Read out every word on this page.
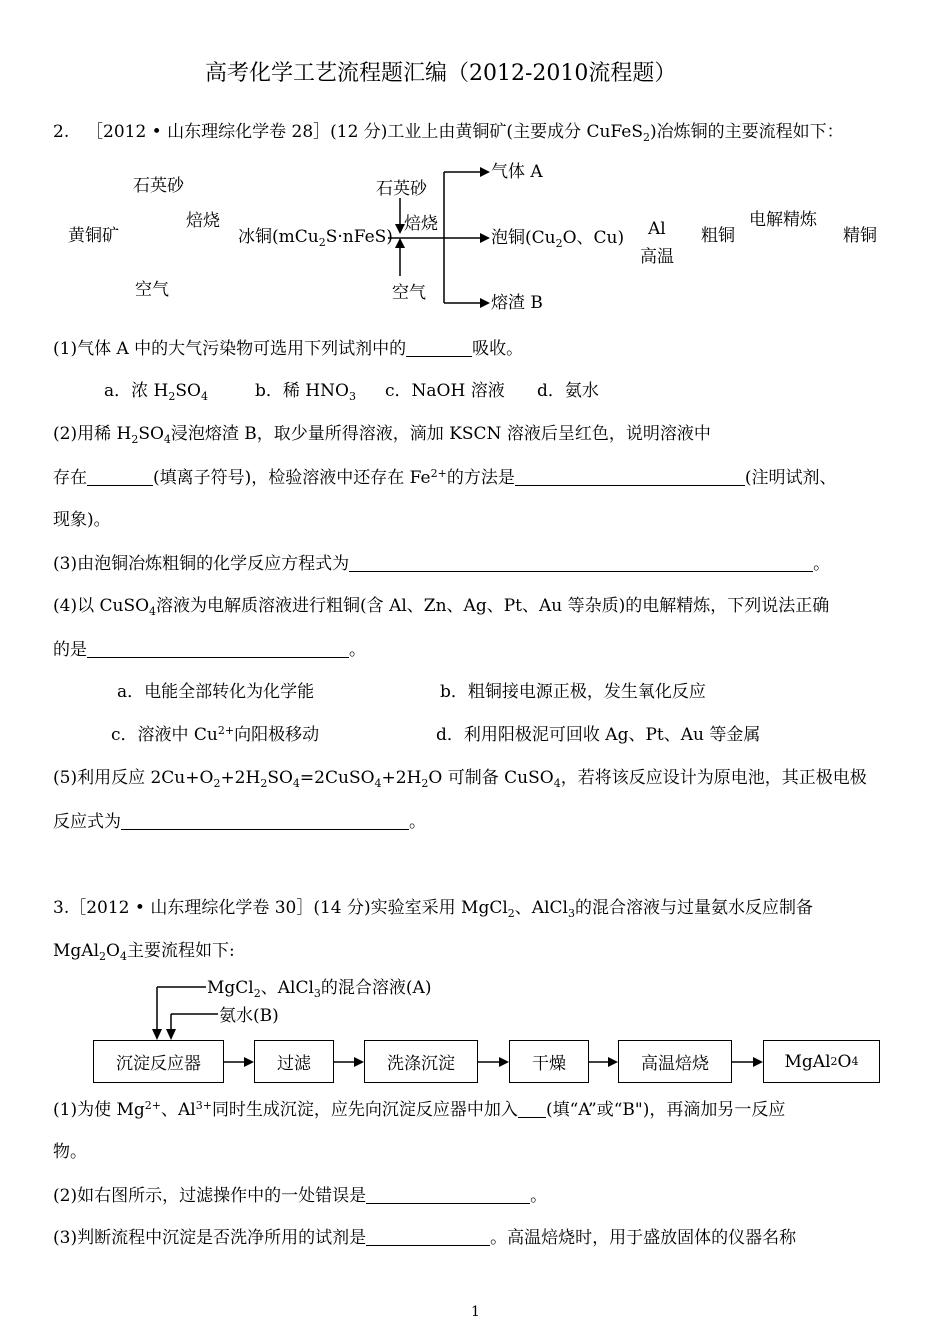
高考化学工艺流程题汇编（2012-2010流程题）
2. ［2012 • 山东理综化学卷 28］(12 分)工业上由黄铜矿(主要成分 CuFeS$_2$)冶炼铜的主要流程如下：
石英砂
焙烧
黄铜矿
空气
冰铜(mCu$_2$S·nFeS)
石英砂
焙烧
空气
气体 A
泡铜($Cu_2O$、Cu)
熔渣 B
Al
高温
粗铜
电解精炼
精铜
(1)气体 A 中的大气污染物可选用下列试剂中的	吸收。
a．浓 $H_2SO_4$	b．稀 $HNO_3$ c．NaOH 溶液 d．氨水
(2)用稀 $H_2SO_4$浸泡熔渣 B，取少量所得溶液，滴加 KSCN 溶液后呈红色，说明溶液中
存在	(填离子符号)，检验溶液中还存在 $Fe^{2+}$的方法是	(注明试剂、
现象)。
(3)由泡铜冶炼粗铜的化学反应方程式为	。
(4)以 CuSO$_4$溶液为电解质溶液进行粗铜(含 Al、Zn、Ag、Pt、Au 等杂质)的电解精炼，下列说法正确
的是	。
a．电能全部转化为化学能	b．粗铜接电源正极，发生氧化反应
c．溶液中 $Cu^{2+}$向阳极移动	d．利用阳极泥可回收 Ag、Pt、Au 等金属
(5)利用反应 $2Cu+O_2+2H_2SO_4=2CuSO_4+2H_2O$ 可制备 CuSO$_4$，若将该反应设计为原电池，其正极电极
反应式为	。
3.［2012 • 山东理综化学卷 30］(14 分)实验室采用 MgCl$_2$、AlCl$_3$的混合溶液与过量氨水反应制备
$MgAl_2O_4$主要流程如下:
MgCl$_2$、AlCl$_3$的混合溶液(A)
氨水(B)
沉淀反应器	过滤	洗涤沉淀	干燥	高温焙烧	MgAl 2 O 4
(1)为使 $Mg^{2+}$、$Al^{3+}$同时生成沉淀，应先向沉淀反应器中加入 (填“A”或“B")，再滴加另一反应
物。
(2)如右图所示，过滤操作中的一处错误是	。
(3)判断流程中沉淀是否洗净所用的试剂是	。高温焙烧时，用于盛放固体的仪器名称
1
